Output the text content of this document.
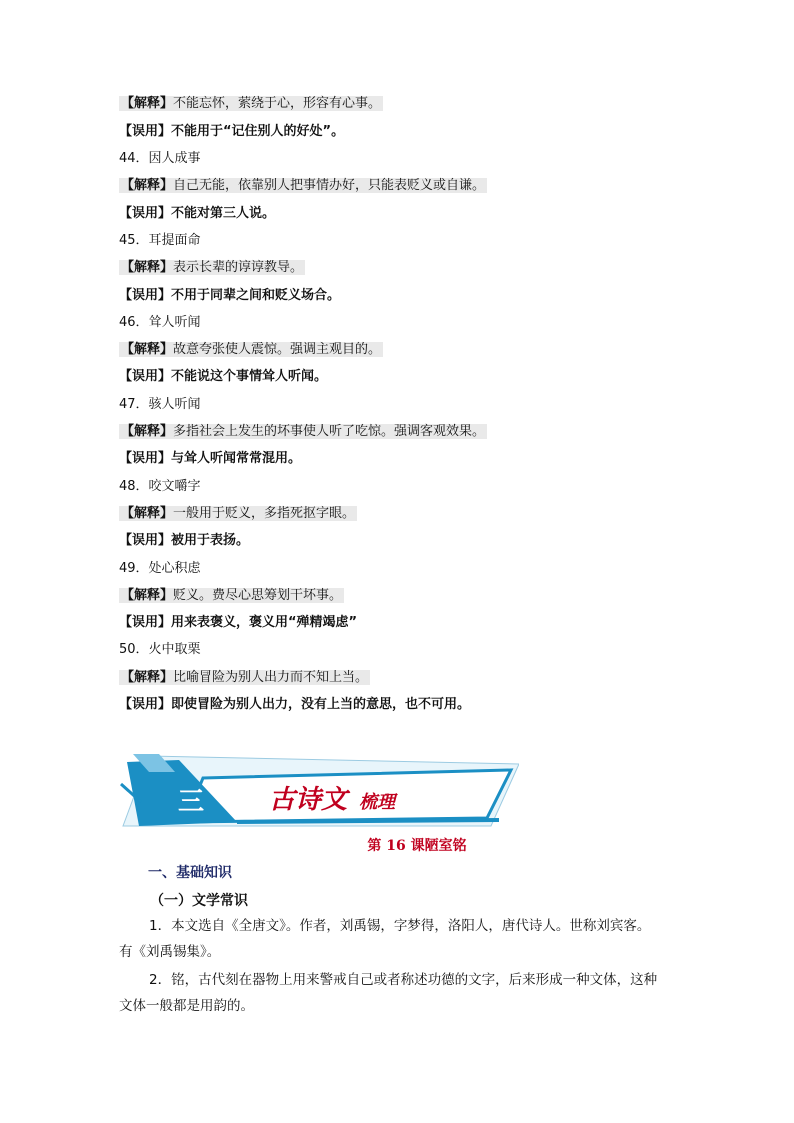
【解释】不能忘怀，萦绕于心，形容有心事。
【误用】不能用于“记住别人的好处”。
44．因人成事
【解释】自己无能，依靠别人把事情办好，只能表贬义或自谦。
【误用】不能对第三人说。
45．耳提面命
【解释】表示长辈的谆谆教导。
【误用】不用于同辈之间和贬义场合。
46．耸人听闻
【解释】故意夸张使人震惊。强调主观目的。
【误用】不能说这个事情耸人听闻。
47．骇人听闻
【解释】多指社会上发生的坏事使人听了吃惊。强调客观效果。
【误用】与耸人听闻常常混用。
48．咬文嚼字
【解释】一般用于贬义，多指死抠字眼。
【误用】被用于表扬。
49．处心积虑
【解释】贬义。费尽心思筹划干坏事。
【误用】用来表褒义，褒义用“殚精竭虑”
50．火中取栗
【解释】比喻冒险为别人出力而不知上当。
【误用】即使冒险为别人出力，没有上当的意思，也不可用。
三 古诗文 梳理
第 16 课陋室铭
一、基础知识
（一）文学常识
1．本文选自《全唐文》。作者，刘禹锡，字梦得，洛阳人，唐代诗人。世称刘宾客。
有《刘禹锡集》。
2．铭，古代刻在器物上用来警戒自己或者称述功德的文字，后来形成一种文体，这种
文体一般都是用韵的。
